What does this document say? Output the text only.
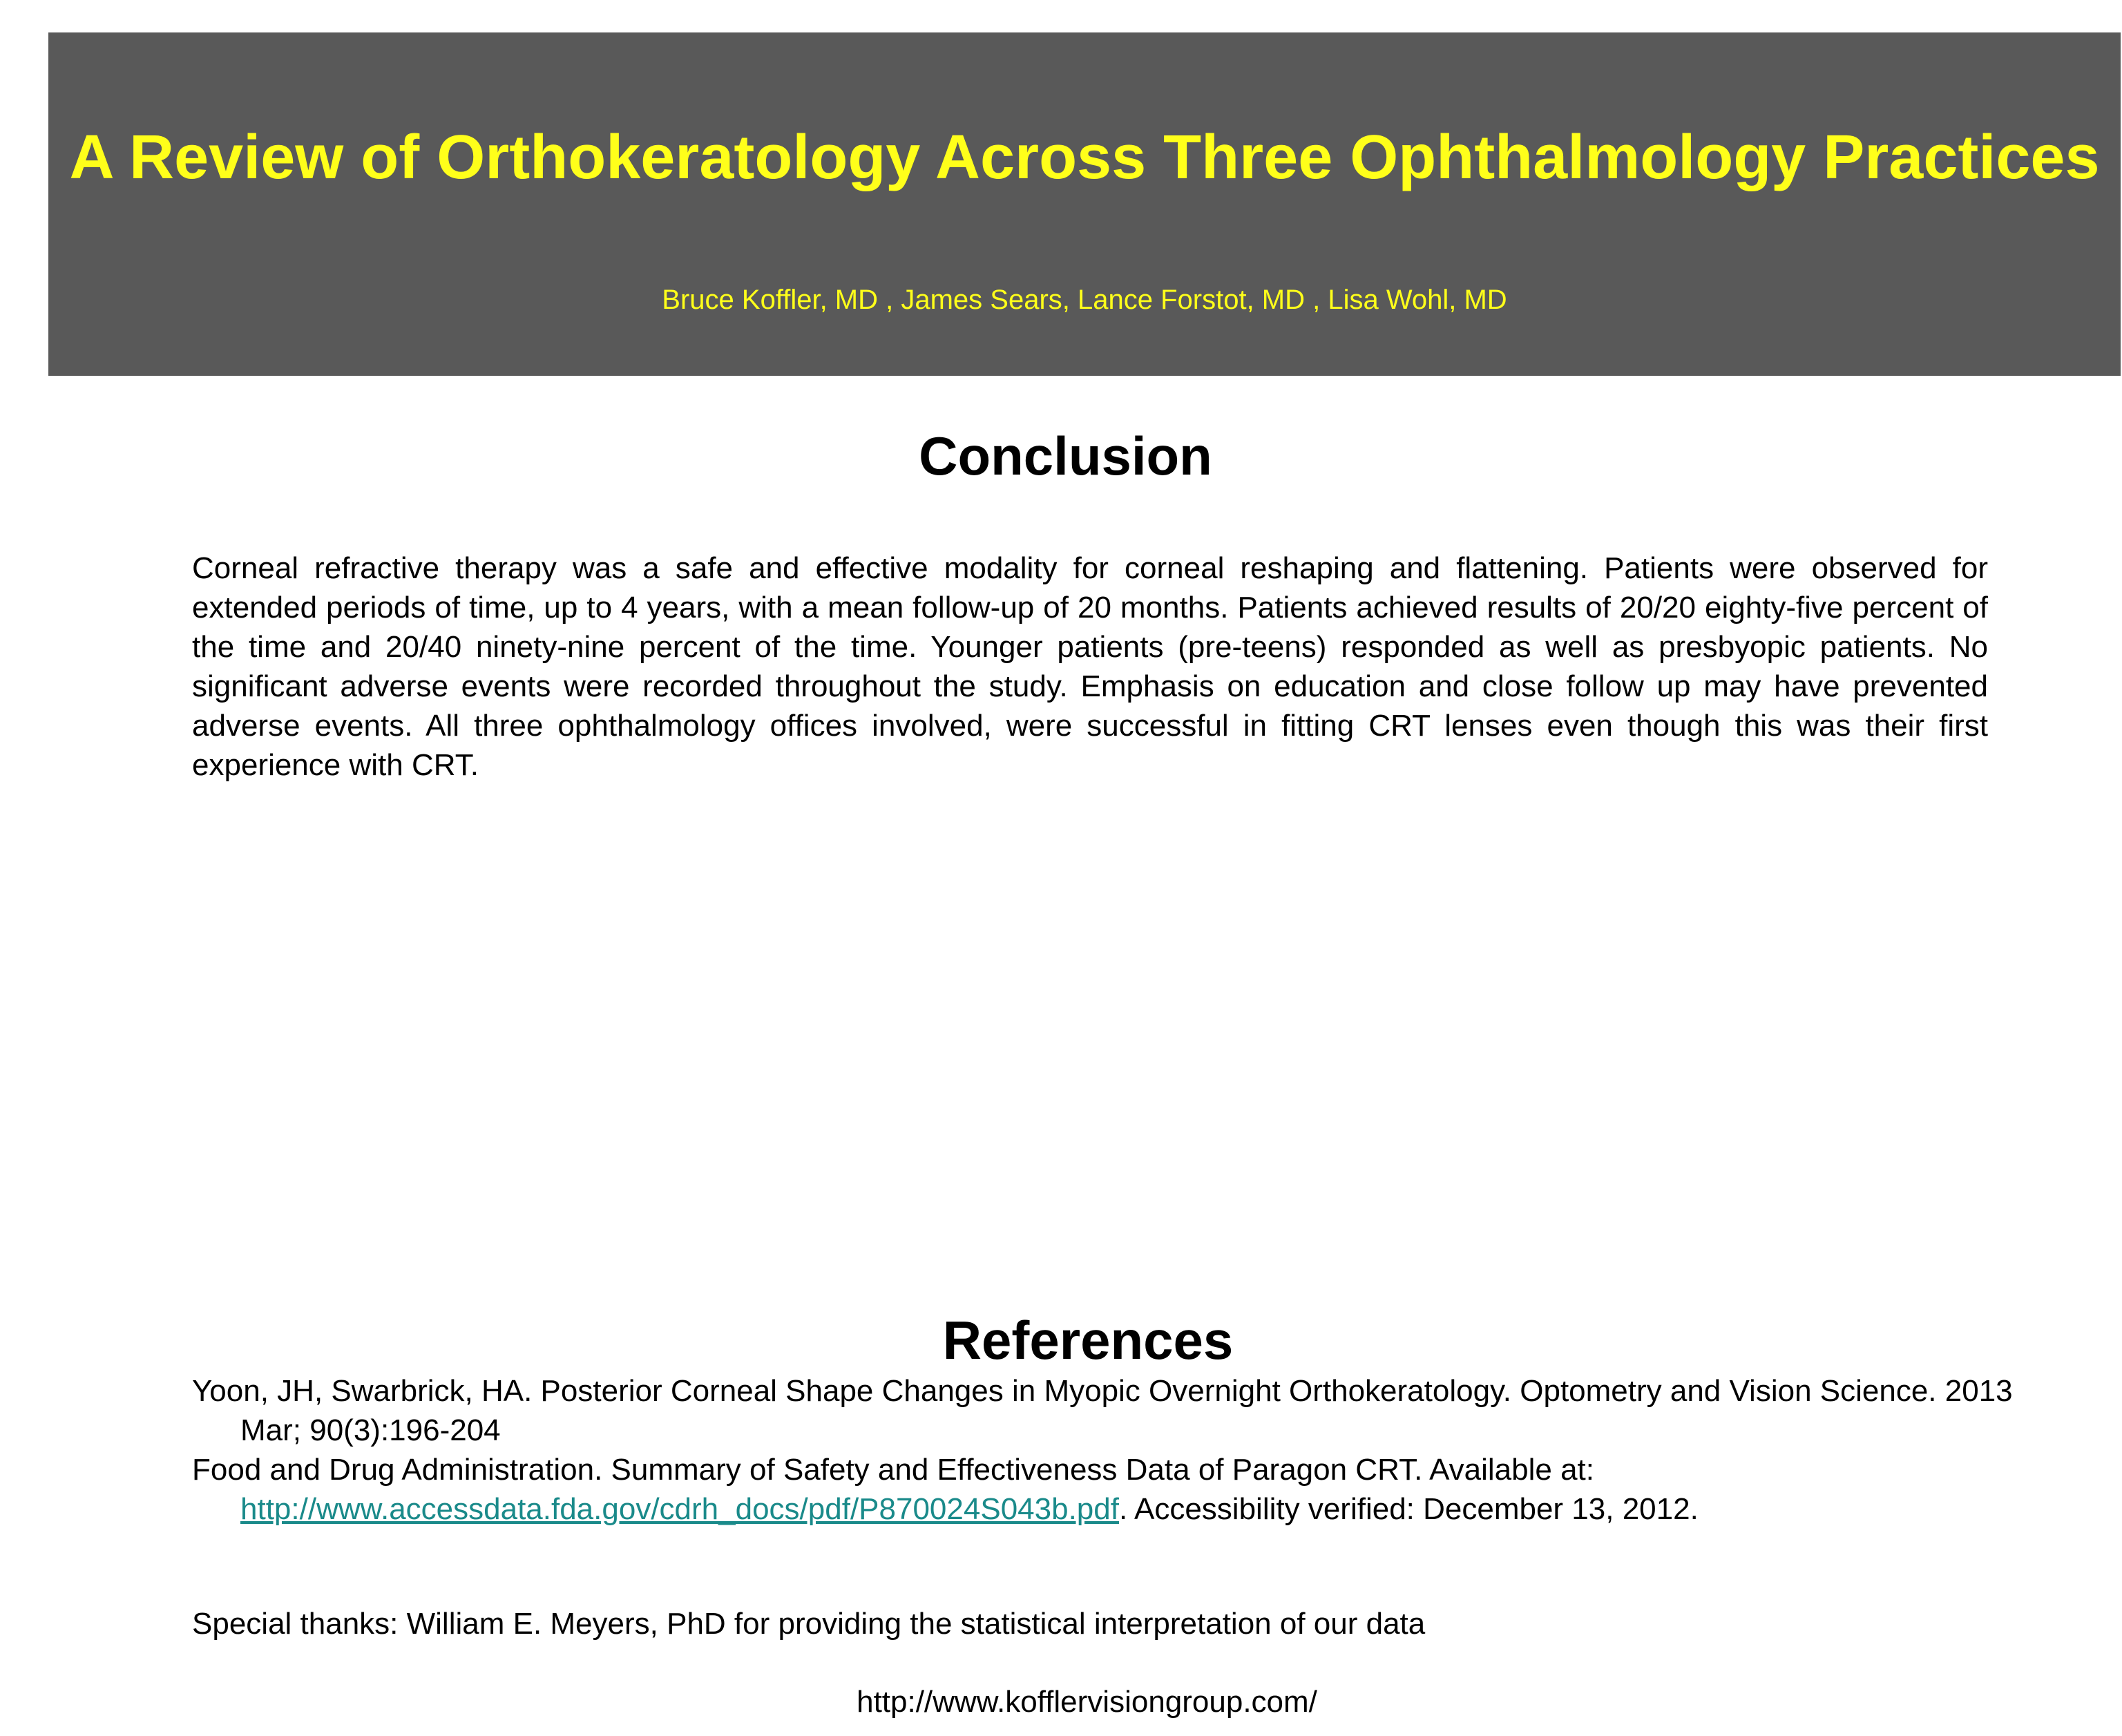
A Review of Orthokeratology Across Three Ophthalmology Practices
Bruce Koffler, MD , James Sears, Lance Forstot, MD , Lisa Wohl, MD
Conclusion
Corneal refractive therapy was a safe and effective modality for corneal reshaping and flattening. Patients were observed for extended periods of time, up to 4 years, with a mean follow-up of 20 months. Patients achieved results of 20/20 eighty-five percent of the time and 20/40 ninety-nine percent of the time. Younger patients (pre-teens) responded as well as presbyopic patients. No significant adverse events were recorded throughout the study. Emphasis on education and close follow up may have prevented adverse events. All three ophthalmology offices involved, were successful in fitting CRT lenses even though this was their first experience with CRT.
References

Yoon, JH, Swarbrick, HA. Posterior Corneal Shape Changes in Myopic Overnight Orthokeratology. Optometry and Vision Science. 2013 Mar; 90(3):196-204

Food and Drug Administration. Summary of Safety and Effectiveness Data of Paragon CRT. Available at: http://www.accessdata.fda.gov/cdrh_docs/pdf/P870024S043b.pdf. Accessibility verified: December 13, 2012.

Special thanks: William E. Meyers, PhD for providing the statistical interpretation of our data
http://www.kofflervisiongroup.com/
